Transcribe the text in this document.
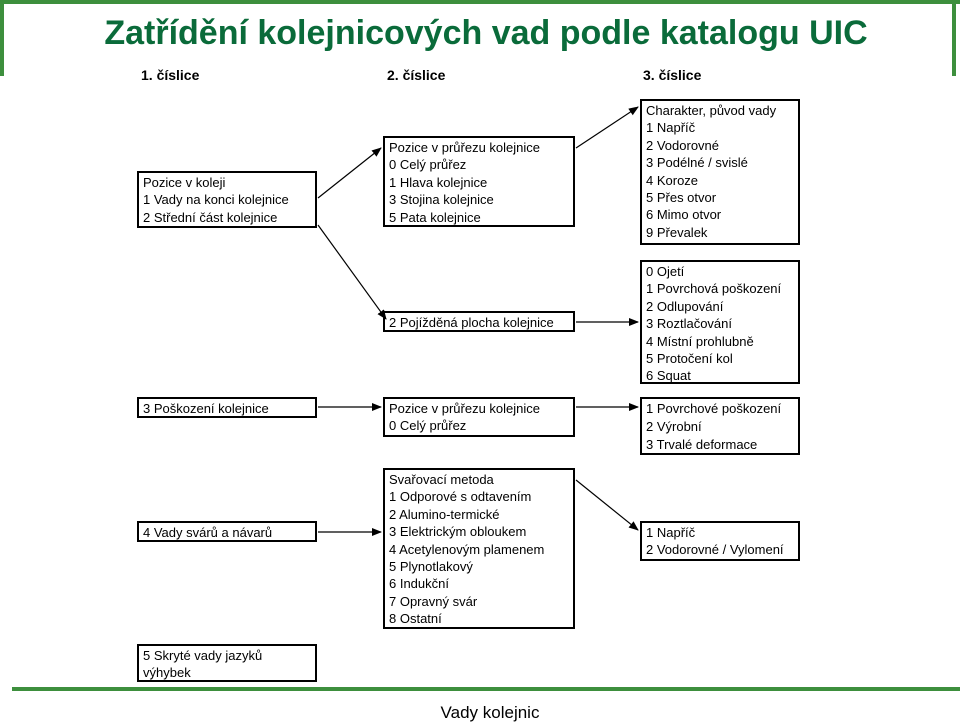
Zatřídění kolejnicových vad podle katalogu UIC
1. číslice	2. číslice	3. číslice
Pozice v koleji
1 Vady na konci kolejnice
2 Střední část kolejnice
3 Poškození kolejnice
4 Vady svárů a návarů
5 Skryté vady jazyků výhybek
Pozice v průřezu kolejnice
0 Celý průřez
1 Hlava kolejnice
3 Stojina kolejnice
5 Pata kolejnice
2 Pojížděná plocha kolejnice
Pozice v průřezu kolejnice
0 Celý průřez
Svařovací metoda
1 Odporové s odtavením
2 Alumino-termické
3 Elektrickým obloukem
4 Acetylenovým plamenem
5 Plynotlakový
6 Indukční
7 Opravný svár
8 Ostatní
Charakter, původ vady
1 Napříč
2 Vodorovné
3 Podélné / svislé
4 Koroze
5 Přes otvor
6 Mimo otvor
9 Převalek
0 Ojetí
1 Povrchová poškození
2 Odlupování
3 Roztlačování
4 Místní prohlubně
5 Protočení kol
6 Squat
1 Povrchové poškození
2 Výrobní
3 Trvalé deformace
1 Napříč
2 Vodorovné / Vylomení
Vady kolejnic
